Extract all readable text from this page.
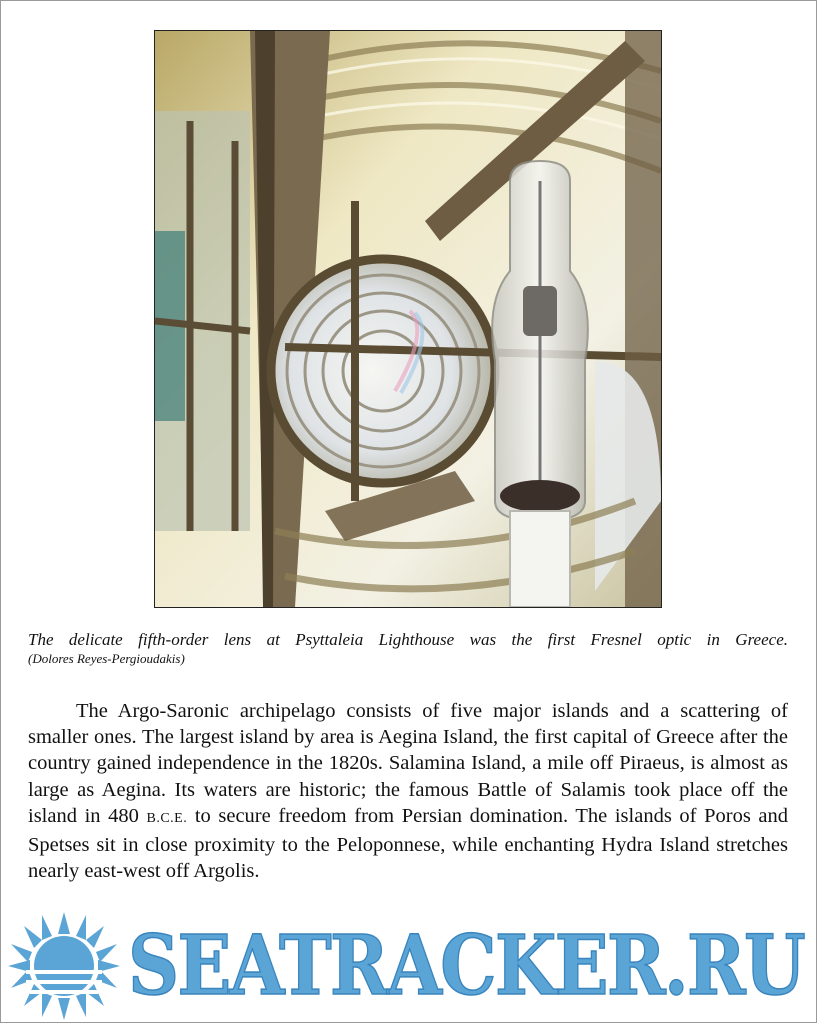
The delicate fifth-order lens at Psyttaleia Lighthouse was the first Fresnel optic in Greece.

(Dolores Reyes-Pergioudakis)

The Argo-Saronic archipelago consists of five major islands and a scattering of smaller ones. The largest island by area is Aegina Island, the first capital of Greece after the country gained independence in the 1820s. Salamina Island, a mile off Piraeus, is almost as large as Aegina. Its waters are historic; the famous Battle of Salamis took place off the island in 480 B.C.E. to secure freedom from Persian domination. The islands of Poros and Spetses sit in close proximity to the Peloponnese, while enchanting Hydra Island stretches nearly east-west off Argolis.

SEATRACKER.RU
